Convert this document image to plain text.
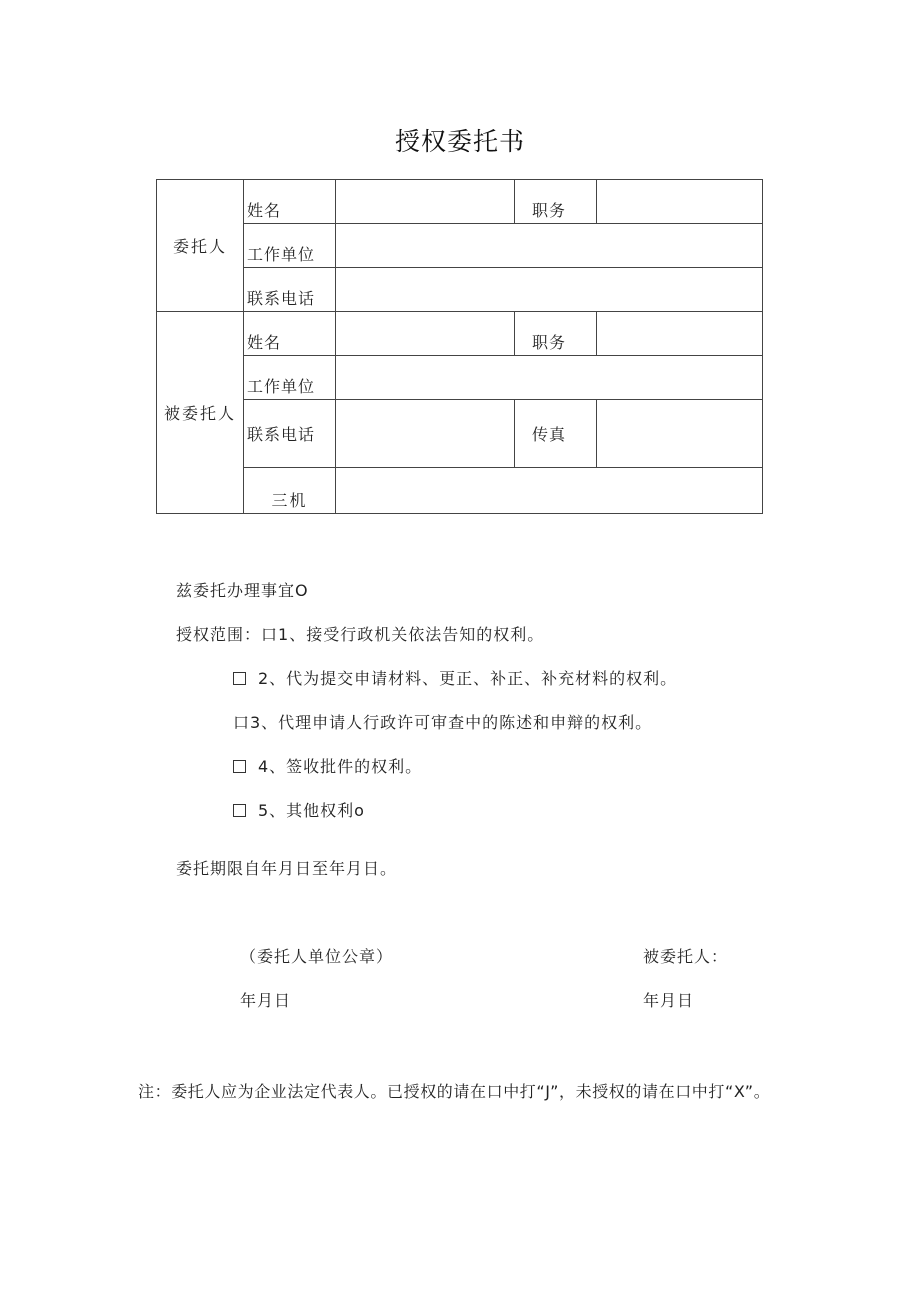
授权委托书
委托人	姓名		职务	
	工作单位			
	联系电话			
被委托人	姓名		职务	
	工作单位			
	联系电话		传真	
	三机			
兹委托办理事宜O
授权范围：口1、接受行政机关依法告知的权利。
2、代为提交申请材料、更正、补正、补充材料的权利。
口3、代理申请人行政许可审查中的陈述和申辩的权利。
4、签收批件的权利。
5、其他权利o
委托期限自年月日至年月日。
（委托人单位公章）	被委托人：
年月日	年月日
注：委托人应为企业法定代表人。已授权的请在口中打“J”，未授权的请在口中打“X”。
